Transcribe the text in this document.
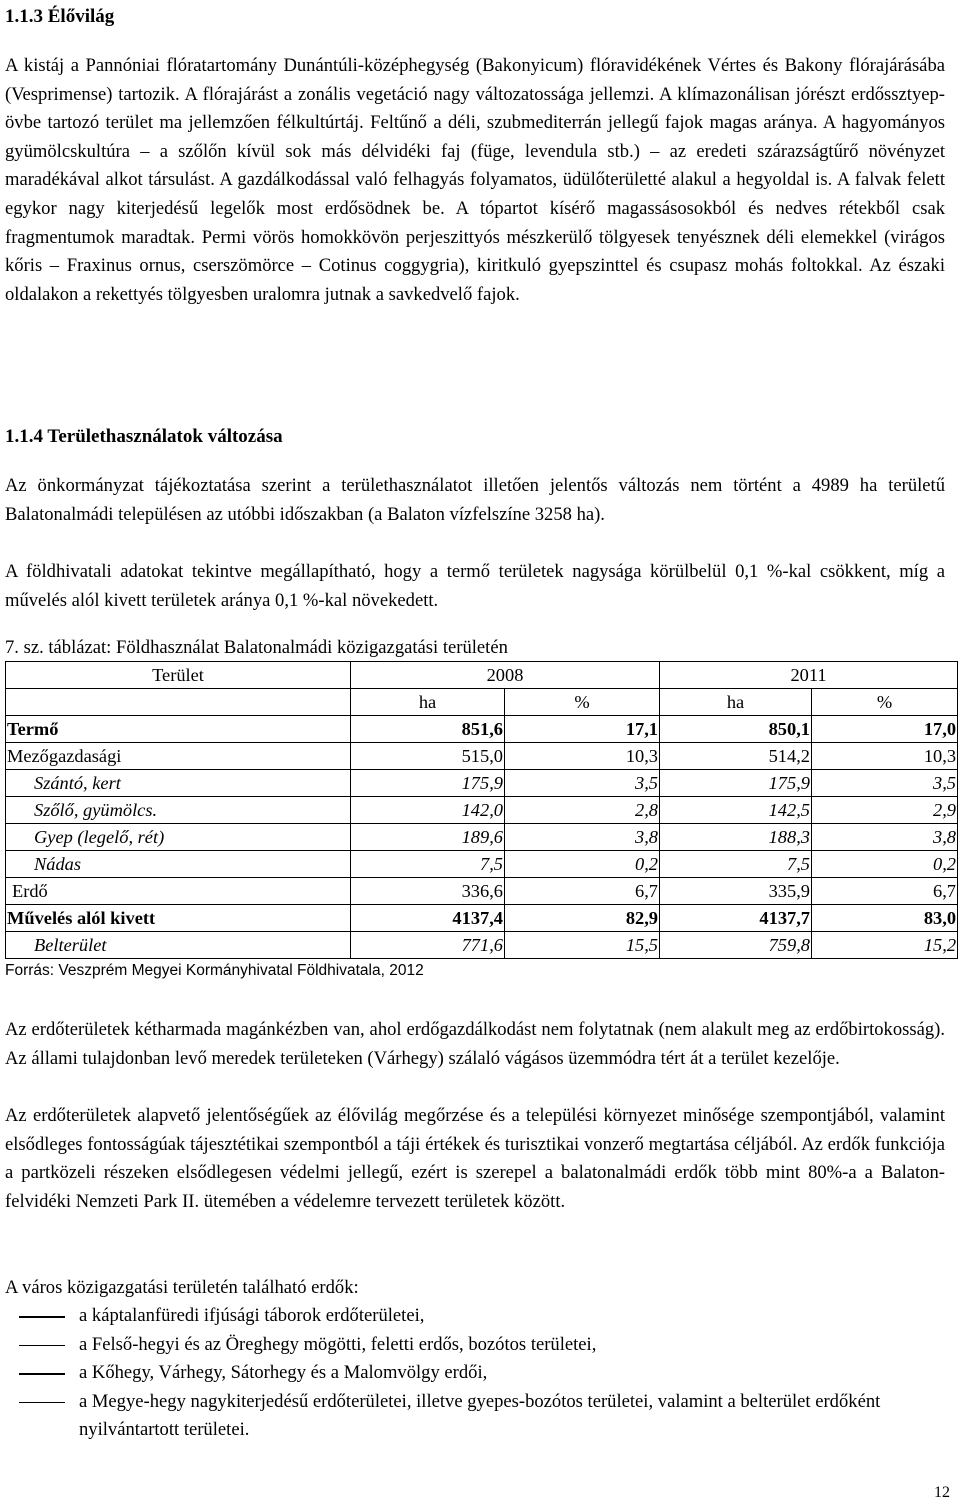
1.1.3 Élővilág

A kistáj a Pannóniai flóratartomány Dunántúli-középhegység (Bakonyicum) flóravidékének Vértes és Bakony flórajárásába (Vesprimense) tartozik. A flórajárást a zonális vegetáció nagy változatossága jellemzi. A klímazonálisan jórészt erdőssztyep-övbe tartozó terület ma jellemzően félkultúrtáj. Feltűnő a déli, szubmediterrán jellegű fajok magas aránya. A hagyományos gyümölcskultúra – a szőlőn kívül sok más délvidéki faj (füge, levendula stb.) – az eredeti szárazságtűrő növényzet maradékával alkot társulást. A gazdálkodással való felhagyás folyamatos, üdülőterületté alakul a hegyoldal is. A falvak felett egykor nagy kiterjedésű legelők most erdősödnek be. A tópartot kísérő magassásosokból és nedves rétekből csak fragmentumok maradtak. Permi vörös homokkövön perjeszittyós mészkerülő tölgyesek tenyésznek déli elemekkel (virágos kőris – Fraxinus ornus, cserszömörce – Cotinus coggygria), kiritkuló gyepszinttel és csupasz mohás foltokkal. Az északi oldalakon a rekettyés tölgyesben uralomra jutnak a savkedvelő fajok.

1.1.4 Területhasználatok változása

Az önkormányzat tájékoztatása szerint a területhasználatot illetően jelentős változás nem történt a 4989 ha területű Balatonalmádi településen az utóbbi időszakban (a Balaton vízfelszíne 3258 ha).

A földhivatali adatokat tekintve megállapítható, hogy a termő területek nagysága körülbelül 0,1 %-kal csökkent, míg a művelés alól kivett területek aránya 0,1 %-kal növekedett.

7. sz. táblázat: Földhasználat Balatonalmádi közigazgatási területén
Terület	2008		2011	
	ha	%	ha	%
Termő	851,6	17,1	850,1	17,0
Mezőgazdasági	515,0	10,3	514,2	10,3
Szántó, kert	175,9	3,5	175,9	3,5
Szőlő, gyümölcs.	142,0	2,8	142,5	2,9
Gyep (legelő, rét)	189,6	3,8	188,3	3,8
Nádas	7,5	0,2	7,5	0,2
Erdő	336,6	6,7	335,9	6,7
Művelés alól kivett	4137,4	82,9	4137,7	83,0
Belterület	771,6	15,5	759,8	15,2
Forrás: Veszprém Megyei Kormányhivatal Földhivatala, 2012

Az erdőterületek kétharmada magánkézben van, ahol erdőgazdálkodást nem folytatnak (nem alakult meg az erdőbirtokosság). Az állami tulajdonban levő meredek területeken (Várhegy) szálaló vágásos üzemmódra tért át a terület kezelője.

Az erdőterületek alapvető jelentőségűek az élővilág megőrzése és a települési környezet minősége szempontjából, valamint elsődleges fontosságúak tájesztétikai szempontból a táji értékek és turisztikai vonzerő megtartása céljából. Az erdők funkciója a partközeli részeken elsődlegesen védelmi jellegű, ezért is szerepel a balatonalmádi erdők több mint 80%-a a Balaton-felvidéki Nemzeti Park II. ütemében a védelemre tervezett területek között.

A város közigazgatási területén található erdők:

a káptalanfüredi ifjúsági táborok erdőterületei,
a Felső-hegyi és az Öreghegy mögötti, feletti erdős, bozótos területei,
a Kőhegy, Várhegy, Sátorhegy és a Malomvölgy erdői,
a Megye-hegy nagykiterjedésű erdőterületei, illetve gyepes-bozótos területei, valamint a belterület erdőként nyilvántartott területei.
12
